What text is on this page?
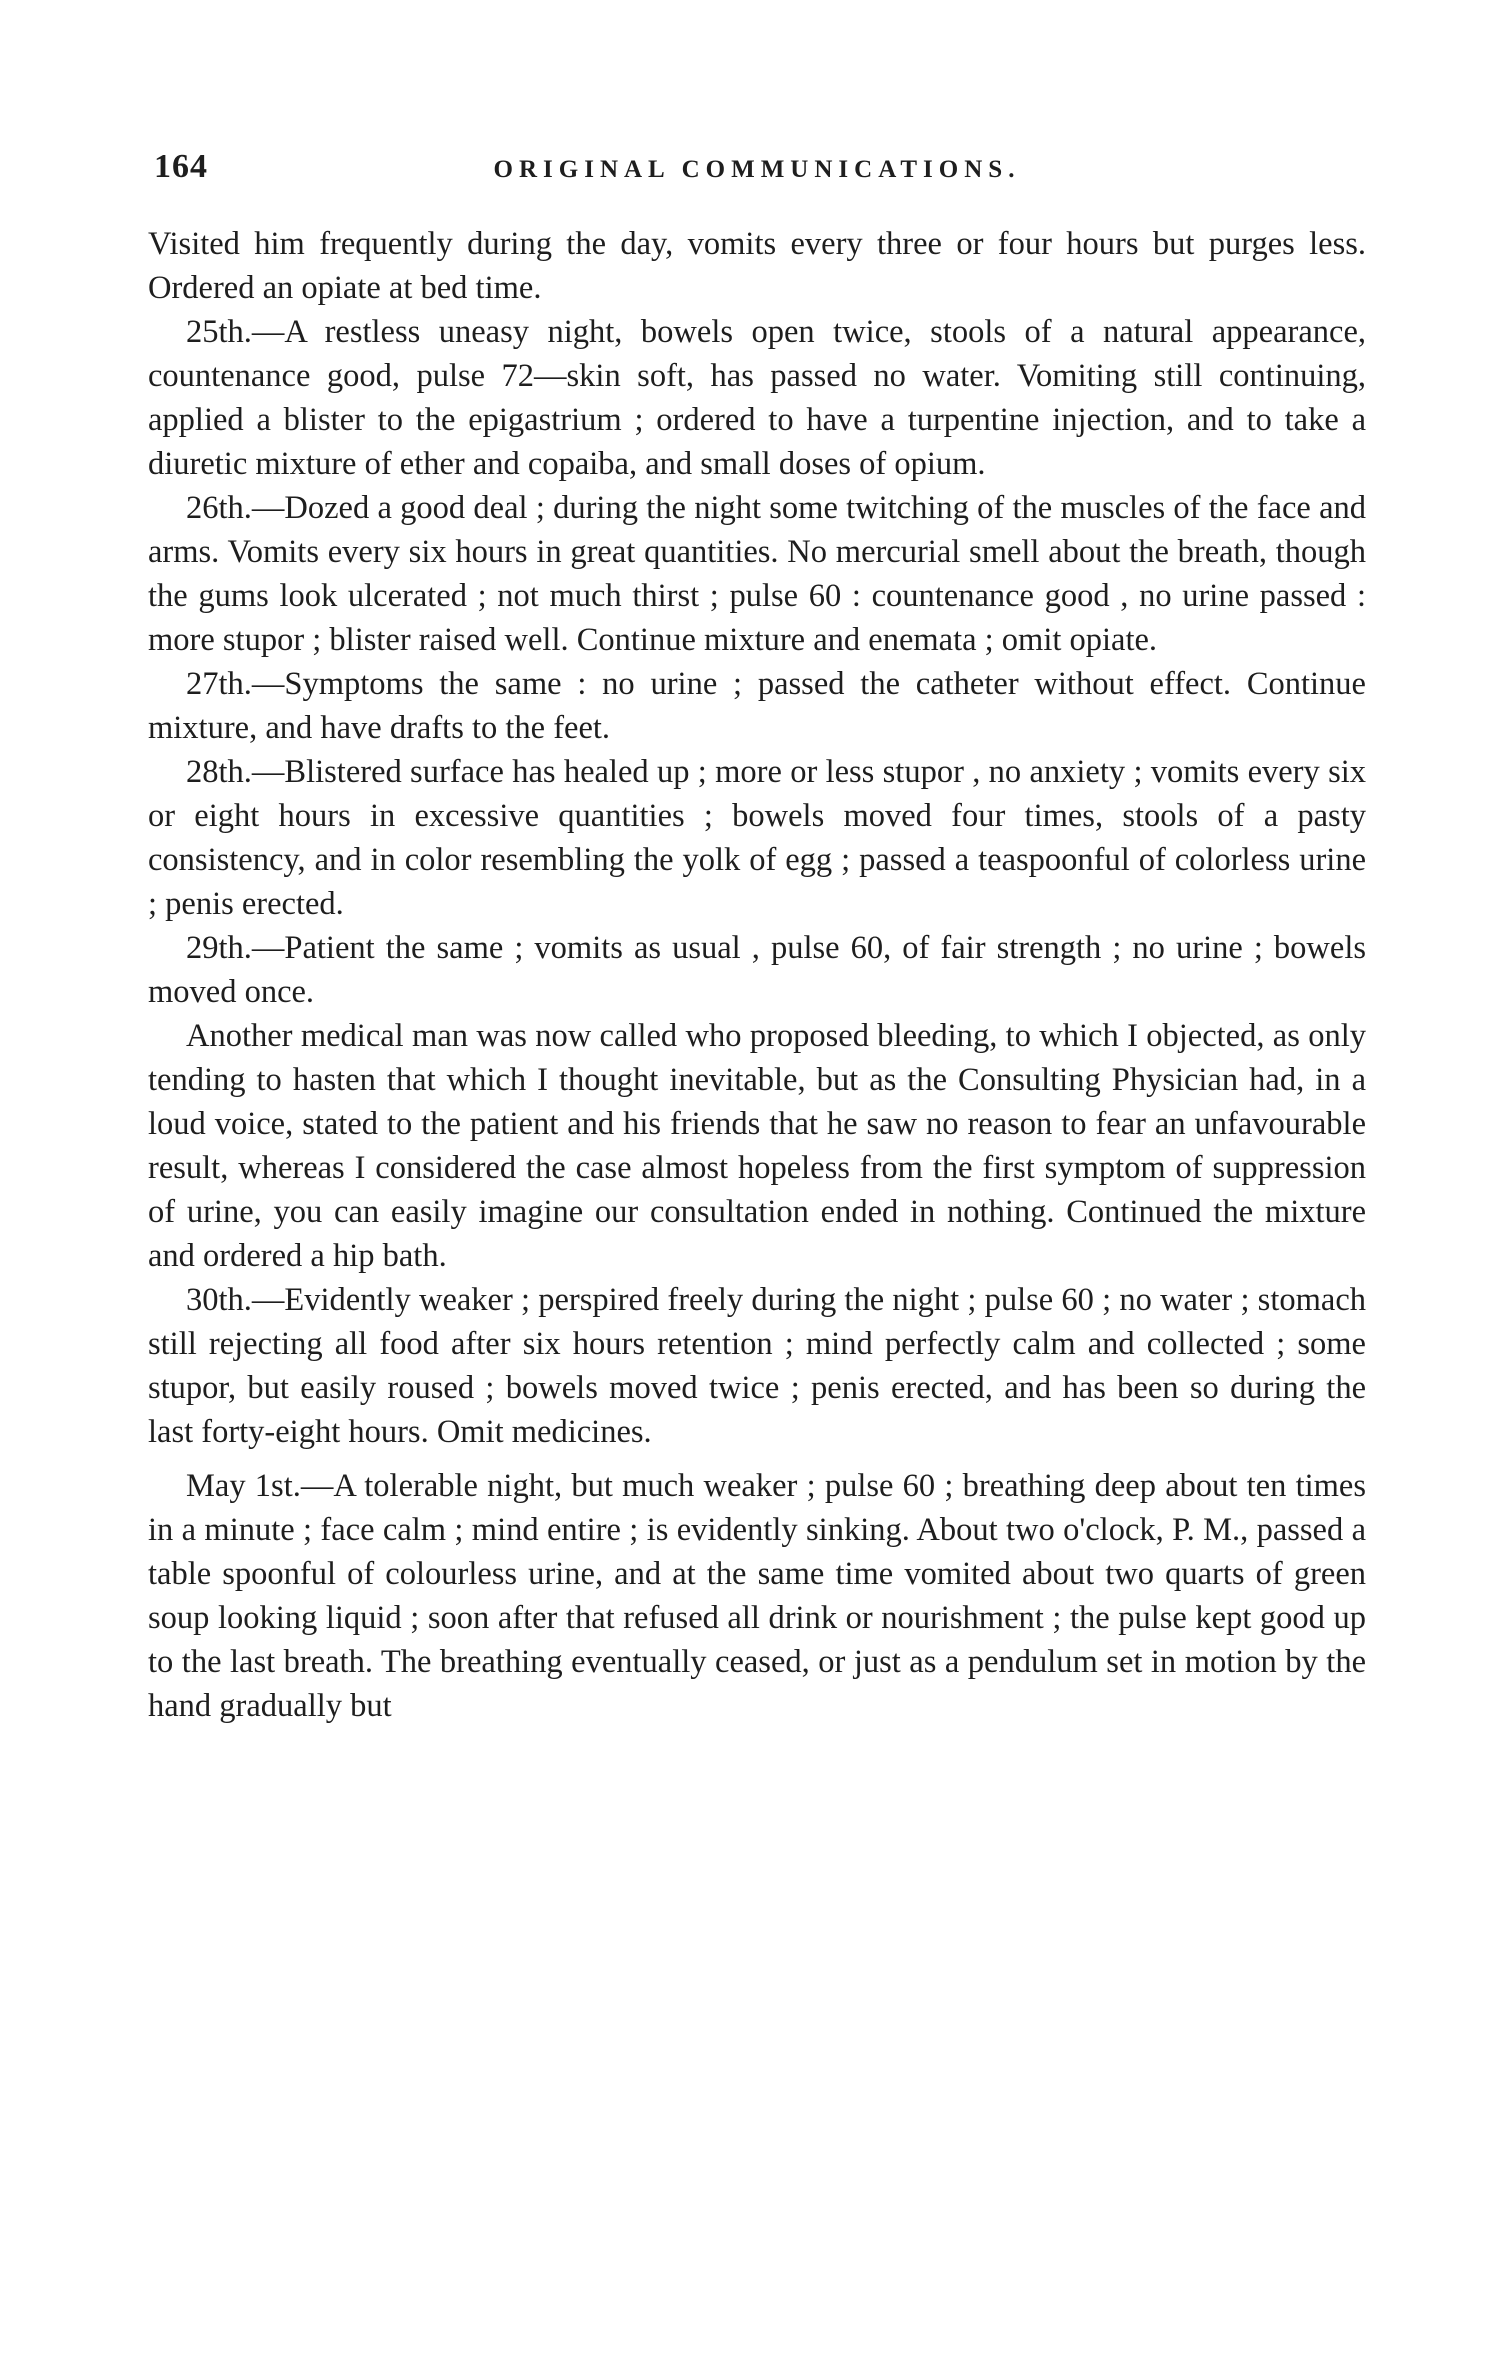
164	ORIGINAL COMMUNICATIONS.

Visited him frequently during the day, vomits every three or four hours but purges less. Ordered an opiate at bed time.

25th.—A restless uneasy night, bowels open twice, stools of a natural appearance, countenance good, pulse 72—skin soft, has passed no water. Vomiting still continuing, applied a blister to the epigastrium ; ordered to have a turpentine injection, and to take a diuretic mixture of ether and copaiba, and small doses of opium.

26th.—Dozed a good deal ; during the night some twitching of the muscles of the face and arms. Vomits every six hours in great quantities. No mercurial smell about the breath, though the gums look ulcerated ; not much thirst ; pulse 60 : countenance good , no urine passed : more stupor ; blister raised well. Continue mixture and enemata ; omit opiate.

27th.—Symptoms the same : no urine ; passed the catheter without effect. Continue mixture, and have drafts to the feet.

28th.—Blistered surface has healed up ; more or less stupor , no anxiety ; vomits every six or eight hours in excessive quantities ; bowels moved four times, stools of a pasty consistency, and in color resembling the yolk of egg ; passed a teaspoonful of colorless urine ; penis erected.

29th.—Patient the same ; vomits as usual , pulse 60, of fair strength ; no urine ; bowels moved once.

Another medical man was now called who proposed bleeding, to which I objected, as only tending to hasten that which I thought inevitable, but as the Consulting Physician had, in a loud voice, stated to the patient and his friends that he saw no reason to fear an unfavourable result, whereas I considered the case almost hopeless from the first symptom of suppression of urine, you can easily imagine our consultation ended in nothing. Continued the mixture and ordered a hip bath.

30th.—Evidently weaker ; perspired freely during the night ; pulse 60 ; no water ; stomach still rejecting all food after six hours retention ; mind perfectly calm and collected ; some stupor, but easily roused ; bowels moved twice ; penis erected, and has been so during the last forty-eight hours. Omit medicines.

May 1st.—A tolerable night, but much weaker ; pulse 60 ; breathing deep about ten times in a minute ; face calm ; mind entire ; is evidently sinking. About two o'clock, P. M., passed a table spoonful of colourless urine, and at the same time vomited about two quarts of green soup looking liquid ; soon after that refused all drink or nourishment ; the pulse kept good up to the last breath. The breathing eventually ceased, or just as a pendulum set in motion by the hand gradually but
